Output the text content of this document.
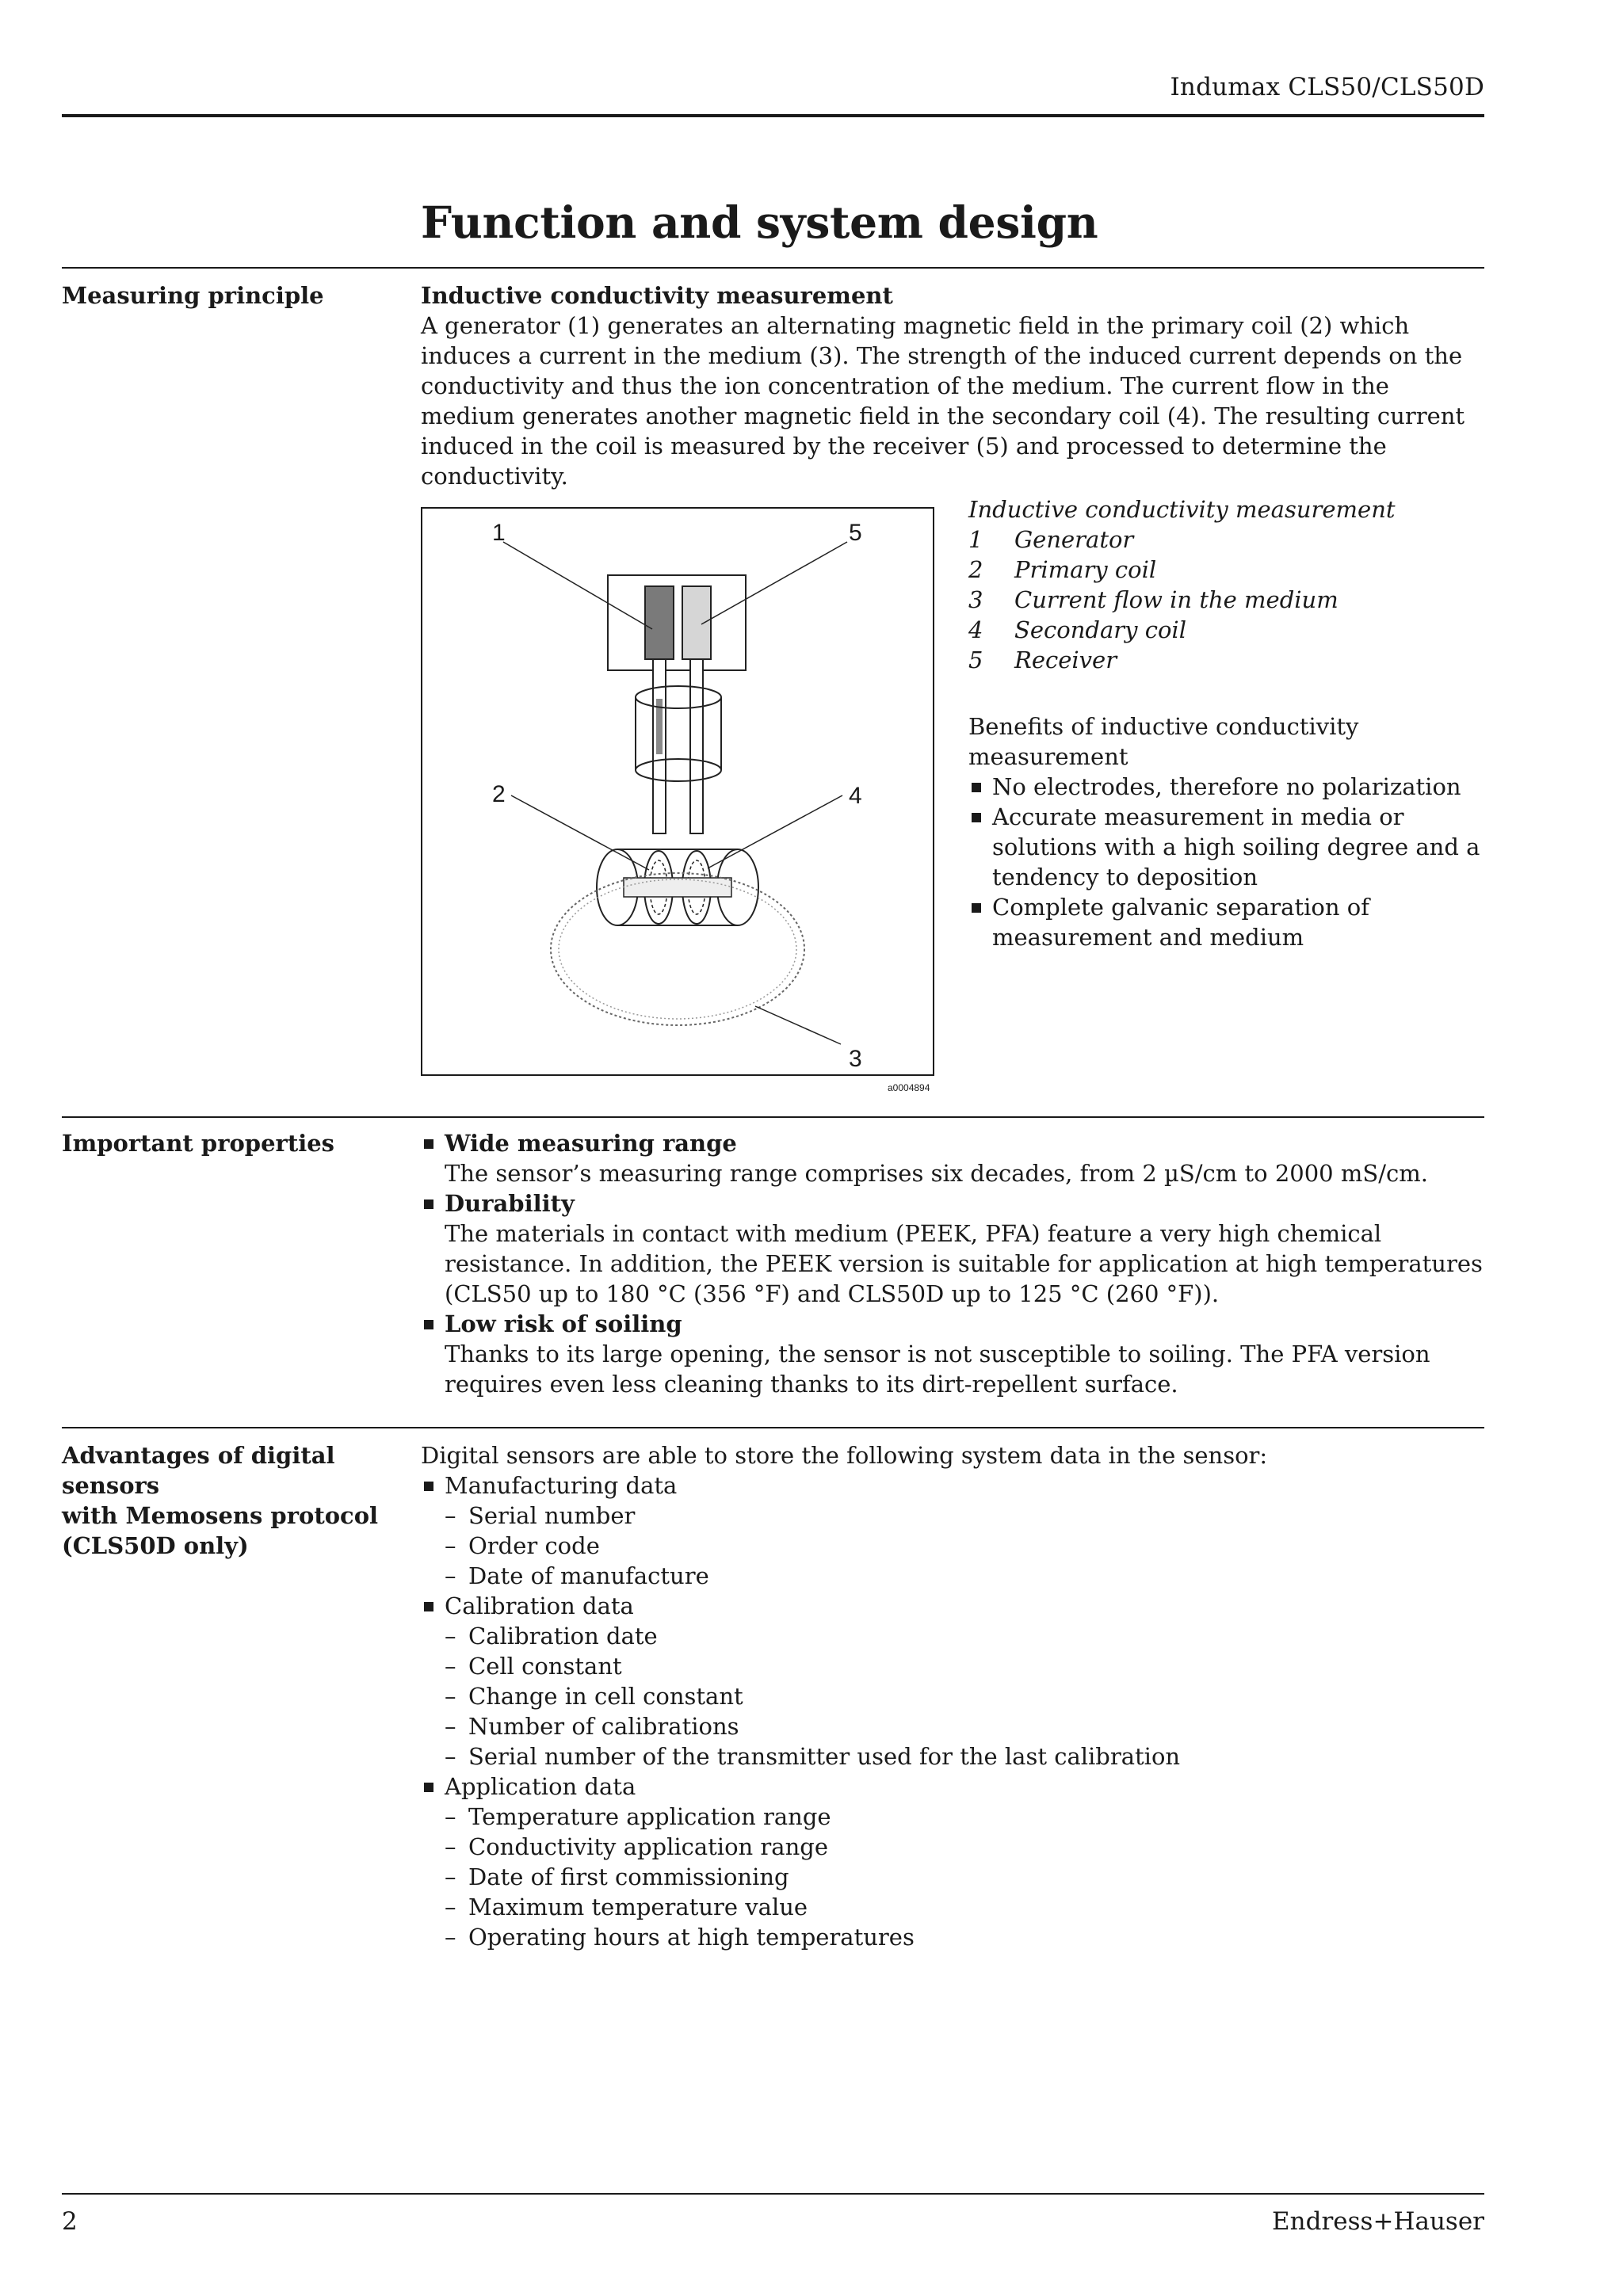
Indumax CLS50/CLS50D
Function and system design
Measuring principle	Inductive conductivity measurement

A generator (1) generates an alternating magnetic field in the primary coil (2) which induces a current in the medium (3). The strength of the induced current depends on the conductivity and thus the ion concentration of the medium. The current flow in the medium generates another magnetic field in the secondary coil (4). The resulting current induced in the coil is measured by the receiver (5) and processed to determine the conductivity.

1	5
2	4
3
a0004894
Inductive conductivity measurement
1	Generator
2	Primary coil
3	Current flow in the medium
4	Secondary coil
5	Receiver
Benefits of inductive conductivity measurement
No electrodes, therefore no polarization
Accurate measurement in media or solutions with a high soiling degree and a tendency to deposition
Complete galvanic separation of measurement and medium
Important properties	Wide measuring range
The sensor’s measuring range comprises six decades, from 2 µS/cm to 2000 mS/cm.
Durability
The materials in contact with medium (PEEK, PFA) feature a very high chemical resistance. In addition, the PEEK version is suitable for application at high temperatures (CLS50 up to 180 °C (356 °F) and CLS50D up to 125 °C (260 °F)).
Low risk of soiling
Thanks to its large opening, the sensor is not susceptible to soiling. The PFA version requires even less cleaning thanks to its dirt-repellent surface.
Advantages of digital sensors
with Memosens protocol
(CLS50D only)

Digital sensors are able to store the following system data in the sensor:

Manufacturing data
– Serial number
– Order code
– Date of manufacture
Calibration data
– Calibration date
– Cell constant
– Change in cell constant
– Number of calibrations
– Serial number of the transmitter used for the last calibration
Application data
– Temperature application range
– Conductivity application range
– Date of first commissioning
– Maximum temperature value
– Operating hours at high temperatures
2	Endress+Hauser
